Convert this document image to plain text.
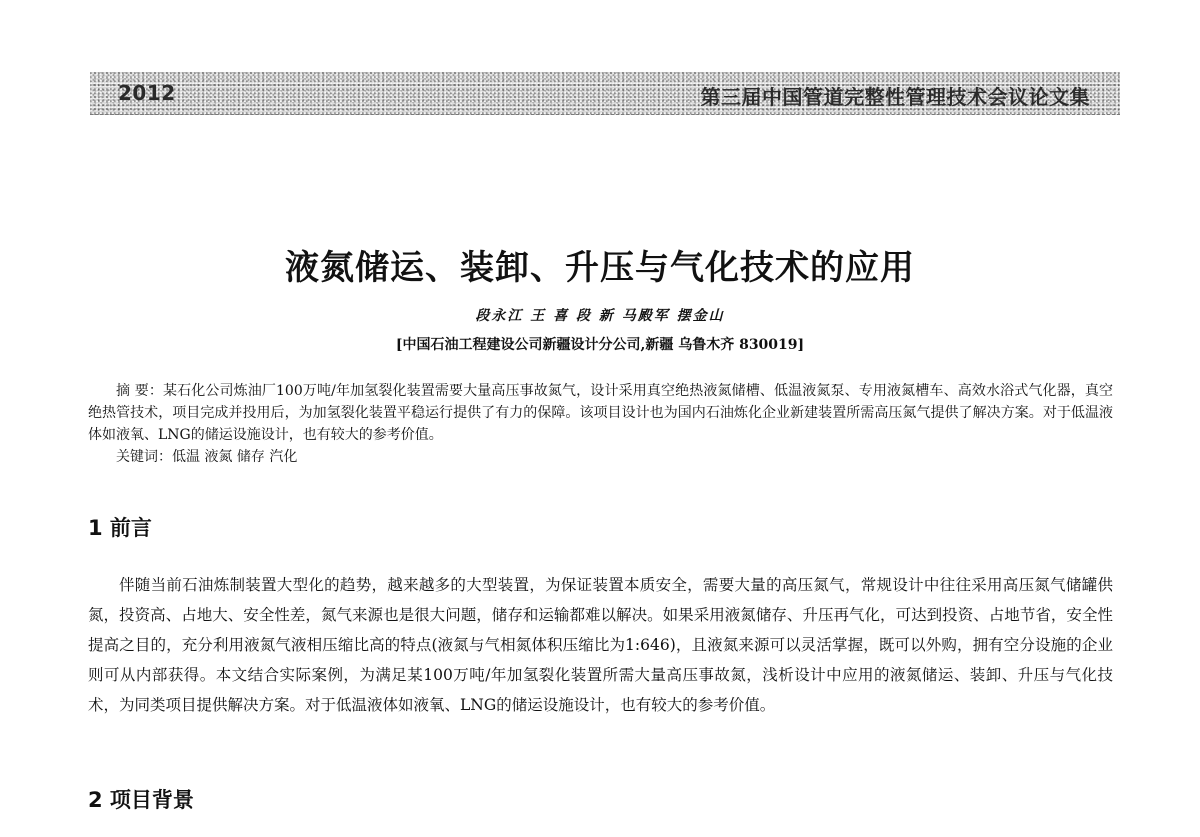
2012	第三届中国管道完整性管理技术会议论文集
液氮储运、装卸、升压与气化技术的应用
段永江 王 喜 段 新 马殿军 摆金山
[中国石油工程建设公司新疆设计分公司,新疆 乌鲁木齐 830019]

摘 要：某石化公司炼油厂100万吨/年加氢裂化装置需要大量高压事故氮气，设计采用真空绝热液氮储槽、低温液氮泵、专用液氮槽车、高效水浴式气化器，真空绝热管技术，项目完成并投用后，为加氢裂化装置平稳运行提供了有力的保障。该项目设计也为国内石油炼化企业新建装置所需高压氮气提供了解决方案。对于低温液体如液氧、LNG的储运设施设计，也有较大的参考价值。

关键词：低温 液氮 储存 汽化

1 前言

伴随当前石油炼制装置大型化的趋势，越来越多的大型装置，为保证装置本质安全，需要大量的高压氮气，常规设计中往往采用高压氮气储罐供氮，投资高、占地大、安全性差，氮气来源也是很大问题，储存和运输都难以解决。如果采用液氮储存、升压再气化，可达到投资、占地节省，安全性提高之目的，充分利用液氮气液相压缩比高的特点(液氮与气相氮体积压缩比为1:646)，且液氮来源可以灵活掌握，既可以外购，拥有空分设施的企业则可从内部获得。本文结合实际案例，为满足某100万吨/年加氢裂化装置所需大量高压事故氮，浅析设计中应用的液氮储运、装卸、升压与气化技术，为同类项目提供解决方案。对于低温液体如液氧、LNG的储运设施设计，也有较大的参考价值。

2 项目背景
